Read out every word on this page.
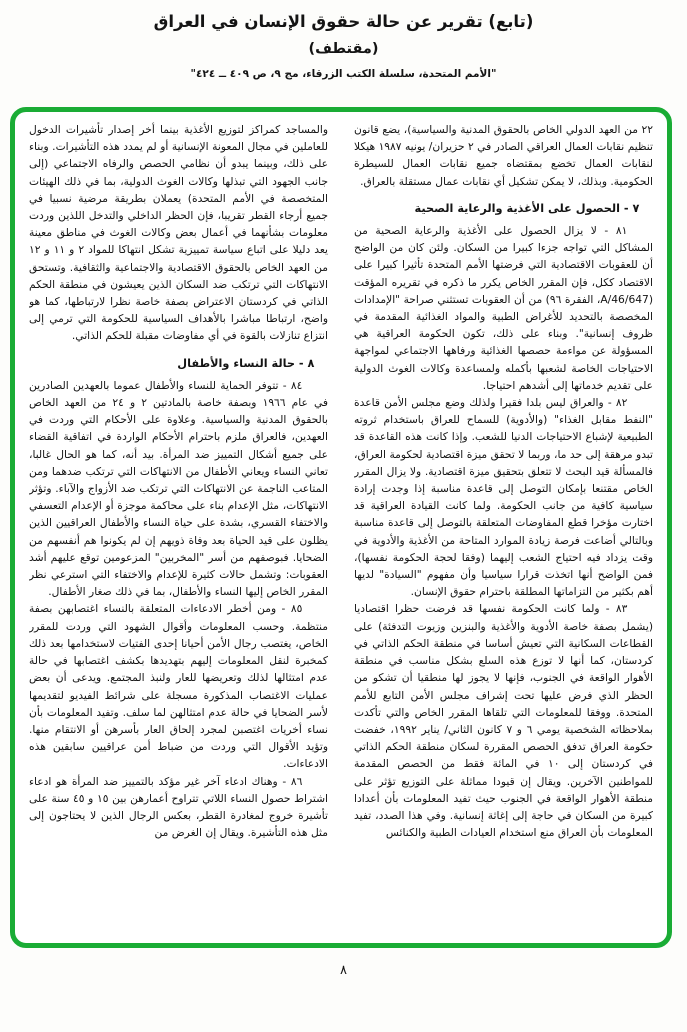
(تابع) تقرير عن حالة حقوق الإنسان في العراق
(مقتطف)
"الأمم المتحدة، سلسلة الكتب الزرقاء، مج ٩، ص ٤٠٩ ــ ٤٢٤"

٢٢ من العهد الدولي الخاص بالحقوق المدنية والسياسية)، يضع قانون تنظيم نقابات العمال العراقي الصادر في ٢ حزيران/ يونيه ١٩٨٧ هيكلا لنقابات العمال تخضع بمقتضاه جميع نقابات العمال للسيطرة الحكومية. وبذلك، لا يمكن تشكيل أي نقابات عمال مستقلة بالعراق.

٧ - الحصول على الأغذية والرعاية الصحية

٨١ - لا يزال الحصول على الأغذية والرعاية الصحية من المشاكل التي تواجه جزءا كبيرا من السكان. ولئن كان من الواضح أن للعقوبات الاقتصادية التي فرضتها الأمم المتحدة تأثيرا كبيرا على الاقتصاد ككل، فإن المقرر الخاص يكرر ما ذكره في تقريره المؤقت (A/46/647، الفقرة ٩٦) من أن العقوبات تستثني صراحة "الإمدادات المخصصة بالتحديد للأغراض الطبية والمواد الغذائية المقدمة في ظروف إنسانية". وبناء على ذلك، تكون الحكومة العراقية هي المسؤولة عن مواءمة حصصها الغذائية ورفاهها الاجتماعي لمواجهة الاحتياجات الخاصة لشعبها بأكمله ولمساعدة وكالات الغوث الدولية على تقديم خدماتها إلى أشدهم احتياجا.

٨٢ - والعراق ليس بلدا فقيرا ولذلك وضع مجلس الأمن قاعدة "النفط مقابل الغذاء" (والأدوية) للسماح للعراق باستخدام ثروته الطبيعية لإشباع الاحتياجات الدنيا للشعب. وإذا كانت هذه القاعدة قد تبدو مرهقة إلى حد ما، وربما لا تحقق ميزة اقتصادية لحكومة العراق، فالمسألة قيد البحث لا تتعلق بتحقيق ميزة اقتصادية. ولا يزال المقرر الخاص مقتنعا بإمكان التوصل إلى قاعدة مناسبة إذا وجدت إرادة سياسية كافية من جانب الحكومة. ولما كانت القيادة العراقية قد اختارت مؤخرا قطع المفاوضات المتعلقة بالتوصل إلى قاعدة مناسبة وبالتالي أضاعت فرصة زيادة الموارد المتاحة من الأغذية والأدوية في وقت يزداد فيه احتياج الشعب إليهما (وفقا لحجة الحكومة نفسها)، فمن الواضح أنها اتخذت قرارا سياسيا وأن مفهوم "السيادة" لديها أهم بكثير من التزاماتها المطلقة باحترام حقوق الإنسان.

٨٣ - ولما كانت الحكومة نفسها قد فرضت حظرا اقتصاديا (يشمل بصفة خاصة الأدوية والأغذية والبنزين وزيوت التدفئة) على القطاعات السكانية التي تعيش أساسا في منطقة الحكم الذاتي في كردستان، كما أنها لا توزع هذه السلع بشكل مناسب في منطقة الأهوار الواقعة في الجنوب، فإنها لا يجوز لها منطقيا أن تشكو من الحظر الذي فرض عليها تحت إشراف مجلس الأمن التابع للأمم المتحدة. ووفقا للمعلومات التي تلقاها المقرر الخاص والتي تأكدت بملاحظاته الشخصية يومي ٦ و ٧ كانون الثاني/ يناير ١٩٩٢، خفضت حكومة العراق تدفق الحصص المقررة لسكان منطقة الحكم الذاتي في كردستان إلى ١٠ في المائة فقط من الحصص المقدمة للمواطنين الآخرين. ويقال إن قيودا مماثلة على التوزيع تؤثر على منطقة الأهوار الواقعة في الجنوب حيث تفيد المعلومات بأن أعدادا كبيرة من السكان في حاجة إلى إغاثة إنسانية. وفي هذا الصدد، تفيد المعلومات بأن العراق منع استخدام العيادات الطبية والكنائس

والمساجد كمراكز لتوزيع الأغذية بينما أخر إصدار تأشيرات الدخول للعاملين في مجال المعونة الإنسانية أو لم يمدد هذه التأشيرات. وبناء على ذلك، وبينما يبدو أن نظامي الحصص والرفاه الاجتماعي (إلى جانب الجهود التي تبذلها وكالات الغوث الدولية، بما في ذلك الهيئات المتخصصة في الأمم المتحدة) يعملان بطريقة مرضية نسبيا في جميع أرجاء القطر تقريبا، فإن الحظر الداخلي والتدخل اللذين وردت معلومات بشأنهما في أعمال بعض وكالات الغوث في مناطق معينة يعد دليلا على اتباع سياسة تمييزية تشكل انتهاكا للمواد ٢ و ١١ و ١٢ من العهد الخاص بالحقوق الاقتصادية والاجتماعية والثقافية. وتستحق الانتهاكات التي ترتكب ضد السكان الذين يعيشون في منطقة الحكم الذاتي في كردستان الاعتراض بصفة خاصة نظرا لارتباطها، كما هو واضح، ارتباطا مباشرا بالأهداف السياسية للحكومة التي ترمي إلى انتزاع تنازلات بالقوة في أي مفاوضات مقبلة للحكم الذاتي.

٨ - حالة النساء والأطفال

٨٤ - تتوفر الحماية للنساء والأطفال عموما بالعهدين الصادرين في عام ١٩٦٦ وبصفة خاصة بالمادتين ٢ و ٢٤ من العهد الخاص بالحقوق المدنية والسياسية. وعلاوة على الأحكام التي وردت في العهدين، فالعراق ملزم باحترام الأحكام الواردة في اتفاقية القضاء على جميع أشكال التمييز ضد المرأة. بيد أنه، كما هو الحال غالبا، تعاني النساء ويعاني الأطفال من الانتهاكات التي ترتكب ضدهما ومن المتاعب الناجمة عن الانتهاكات التي ترتكب ضد الأزواج والآباء. وتؤثر الانتهاكات، مثل الإعدام بناء على محاكمة موجزة أو الإعدام التعسفي والاختفاء القسري، بشدة على حياة النساء والأطفال العراقيين الذين يظلون على قيد الحياة بعد وفاة ذويهم إن لم يكونوا هم أنفسهم من الضحايا. فبوصفهم من أسر "المخربين" المزعومين توقع عليهم أشد العقوبات: وتشمل حالات كثيرة للإعدام والاختفاء التي استرعي نظر المقرر الخاص إليها النساء والأطفال، بما في ذلك صغار الأطفال.

٨٥ - ومن أخطر الادعاءات المتعلقة بالنساء اغتصابهن بصفة منتظمة. وحسب المعلومات وأقوال الشهود التي وردت للمقرر الخاص، يغتصب رجال الأمن أحيانا إحدى الفتيات لاستخدامها بعد ذلك كمخبرة لنقل المعلومات إليهم بتهديدها بكشف اغتصابها في حالة عدم امتثالها لذلك وتعريضها للعار ولنبذ المجتمع. ويدعى أن بعض عمليات الاغتصاب المذكورة مسجلة على شرائط الفيديو لتقديمها لأسر الضحايا في حالة عدم امتثالهن لما سلف. وتفيد المعلومات بأن نساء أخريات اغتصبن لمجرد إلحاق العار بأسرهن أو الانتقام منها. وتؤيد الأقوال التي وردت من ضباط أمن عراقيين سابقين هذه الادعاءات.

٨٦ - وهناك ادعاء آخر غير مؤكد بالتمييز ضد المرأة هو ادعاء اشتراط حصول النساء اللاتي تتراوح أعمارهن بين ١٥ و ٤٥ سنة على تأشيرة خروج لمغادرة القطر، بعكس الرجال الذين لا يحتاجون إلى مثل هذه التأشيرة. ويقال إن الغرض من

٨
